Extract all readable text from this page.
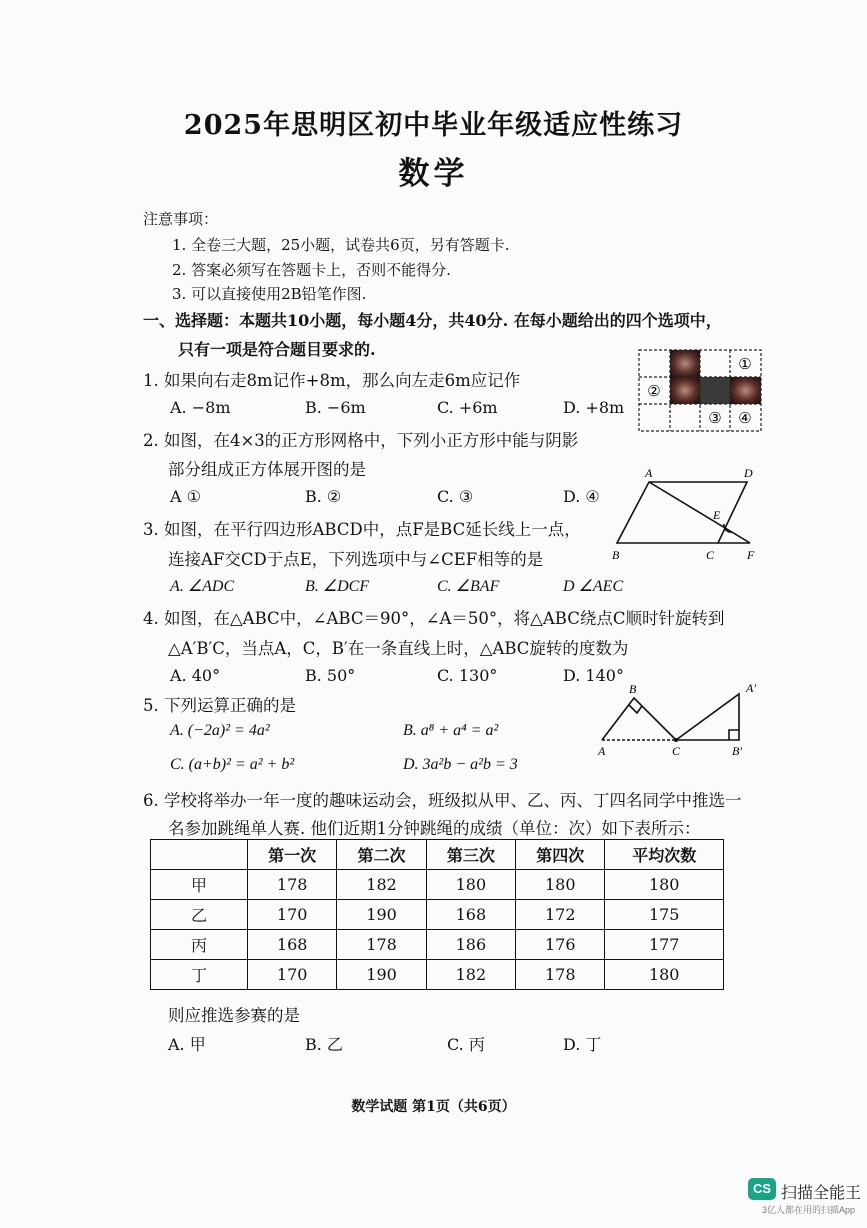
2025年思明区初中毕业年级适应性练习
数学
注意事项：
1. 全卷三大题，25小题，试卷共6页，另有答题卡.
2. 答案必须写在答题卡上，否则不能得分.
3. 可以直接使用2B铅笔作图.
一、选择题：本题共10小题，每小题4分，共40分. 在每小题给出的四个选项中，
只有一项是符合题目要求的.
1. 如果向右走8m记作+8m，那么向左走6m应记作
A. −8m	B. −6m	C. +6m	D. +8m
2. 如图，在4×3的正方形网格中，下列小正方形中能与阴影
部分组成正方体展开图的是
A ①	B. ②	C. ③	D. ④
3. 如图，在平行四边形ABCD中，点F是BC延长线上一点，
连接AF交CD于点E，下列选项中与∠CEF相等的是
A. ∠ADC	B. ∠DCF	C. ∠BAF	D ∠AEC
4. 如图，在△ABC中，∠ABC＝90°，∠A＝50°，将△ABC绕点C顺时针旋转到
△A′B′C，当点A，C，B′在一条直线上时，△ABC旋转的度数为
A. 40°	B. 50°	C. 130°	D. 140°
5. 下列运算正确的是
A. (−2a)² = 4a²	B. a⁸ + a⁴ = a²
C. (a+b)² = a² + b²	D. 3a²b − a²b = 3
6. 学校将举办一年一度的趣味运动会，班级拟从甲、乙、丙、丁四名同学中推选一
名参加跳绳单人赛. 他们近期1分钟跳绳的成绩（单位：次）如下表所示：
	第一次	第二次	第三次	第四次	平均次数
甲	178	182	180	180	180
乙	170	190	168	172	175
丙	168	178	186	176	177
丁	170	190	182	178	180
则应推选参赛的是
A. 甲	B. 乙	C. 丙	D. 丁
①
②
③ ④
A	D
E
B	C	F
B
A	C
A′
B′
数学试题 第1页（共6页）
CS 扫描全能王
3亿人都在用的扫描App
